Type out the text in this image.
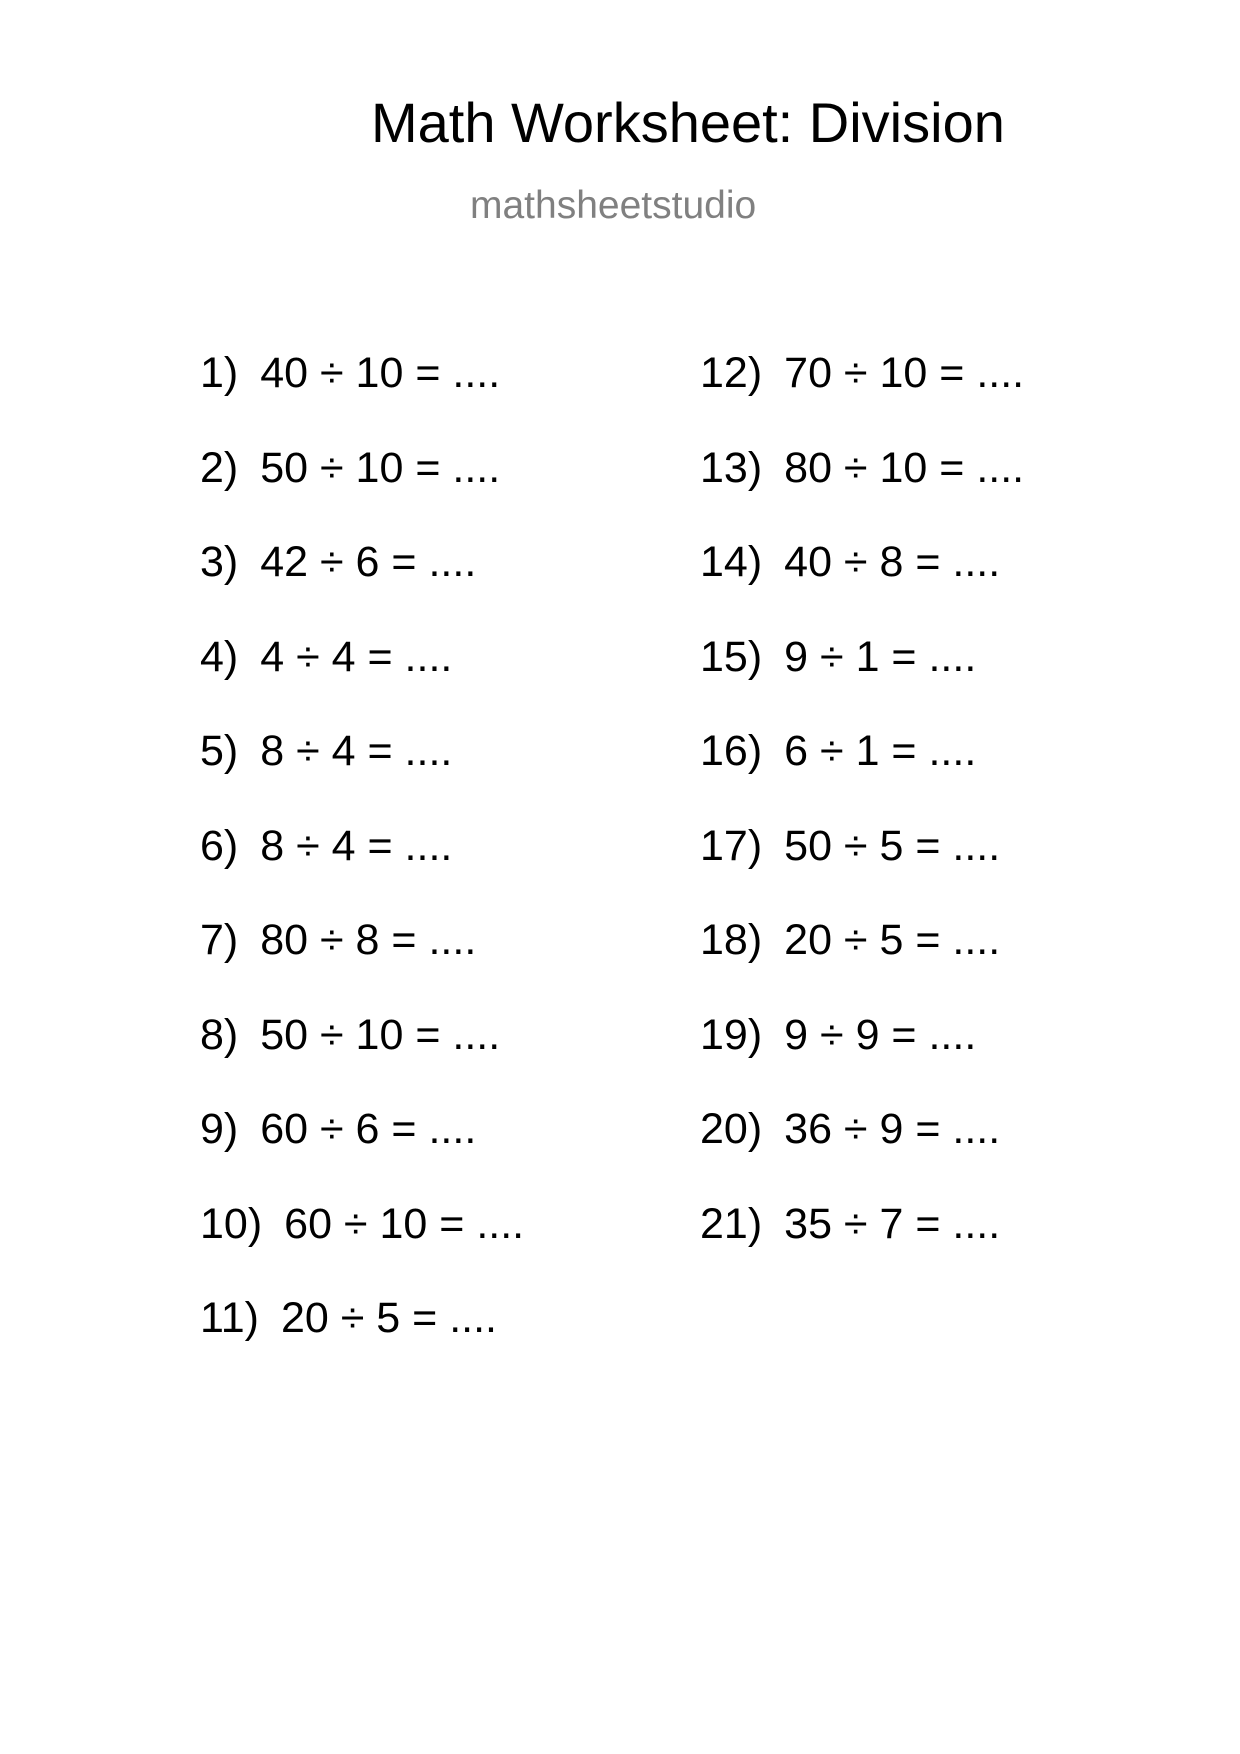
Math Worksheet: Division
mathsheetstudio
1) 40 ÷ 10 = ....
2) 50 ÷ 10 = ....
3) 42 ÷ 6 = ....
4) 4 ÷ 4 = ....
5) 8 ÷ 4 = ....
6) 8 ÷ 4 = ....
7) 80 ÷ 8 = ....
8) 50 ÷ 10 = ....
9) 60 ÷ 6 = ....
10) 60 ÷ 10 = ....
11) 20 ÷ 5 = ....
12) 70 ÷ 10 = ....
13) 80 ÷ 10 = ....
14) 40 ÷ 8 = ....
15) 9 ÷ 1 = ....
16) 6 ÷ 1 = ....
17) 50 ÷ 5 = ....
18) 20 ÷ 5 = ....
19) 9 ÷ 9 = ....
20) 36 ÷ 9 = ....
21) 35 ÷ 7 = ....
